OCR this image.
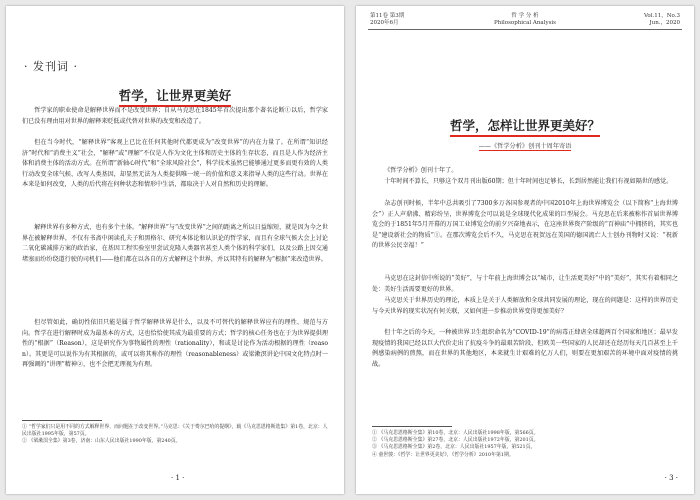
· 发刊词 ·
哲学，让世界更美好

哲学家的职业使命是解释世界而不是改变世界；自从马克思在1845年首次提出那个著名论断①以后，哲学家们已没有理由用对世界的解释来贬低或代替对世界的改变和改造了。

但在当今时代，“解释世界”客观上已比在任何其他时代都更成为“改变世界”的内在力量了。在所谓“知识经济”时代和“消费主义”社会，“解释”或“理解”不仅是人作为文化主体和历史主体的生存状态，而且是人作为经济主体和消费主体的活动方式。在所谓“新轴心时代”和“全球风险社会”，科学技术虽然已能够通过更多而更有效的人类行动改变全球气候、改写人类基因，却显然无法为人类提供唯一统一的价值和意义来指导人类的这些行动。世界在本来是如何改变，人类的后代将在何种状态和情形中生活，都取决于人对自然和历史的理解。

解释世界有多种方式，也有多个主体。“解释世界”与“改变世界”之间的距离之所以日益缩短，就是因为今之世界在被解释世界，不仅有书斋中闲读孔夫子和黑格尔、研究本体论和认识论的哲学家，而且有全球气候大会上讨论二氧化碳减排方案的政治家，在基因工程实验室里尝试克隆人类器官甚至人类个体的科学家们，以及公路上因交通堵塞而纷纷绕道行驶的司机们——他们都在以各自的方式解释这个世界，并以其特有的解释为“根据”来改造世界。

但尽管如此，确切性依旧只能是属于哲学解释世界是什么，以及不可替代的解释世界应有的理性、规范与方向。哲学在进行解释时成为最基本的方式，这也恰恰使其成为最重要的方式；哲学的核心任务也在于为世界提供理性的“根据”（Reason），这是研究作为事物属性的理性（rationality），和或是讨论作为活动根据的理性（reason）。其更是可以说作为有其根据的，或可以将其称作的理性（reasonableness）或梁漱溟讲论中国文化特点时一再强调的“讲理”精神②，也不会把无理视为有理。

① “哲学家们只是用不同的方式解释世界，而问题在于改变世界。”马克思：《关于费尔巴哈的提纲》，载《马克思恩格斯选集》第1卷，北京：人民出版社1995年版，第57页。
② 《梁漱溟全集》第3卷，济南：山东人民出版社1990年版，第240页。
· 1 ·
第11卷 第3期
2020年6月
哲 学 分 析
Philosophical Analysis
Vol.11，No.3
Jun.，2020
哲学，怎样让世界更美好？
——《哲学分析》创刊十周年寄语

《哲学分析》创刊十年了。

十年时间不算长，只够这个双月刊出版60期；但十年时间也足够长，长到居然能让我们有视如隔世的感觉。

杂志创刊时候，半年中总共吸引了7300多万各国参观者的中国2010年上海世界博览会（以下简称“上海世博会”）正人声鼎沸、精彩纷呈，世界博览会可以说是全球现代化成果的巨型展会。马克思在后来被称作首届世界博览会的于1851年5月开幕的万国工业博览会的前夕兴奋地表示，在这座世界资产阶级的“百神庙”中拥挤的，其实也是“建设新社会的物质”①。在那次博览会后不久，马克思在祝贺远在美国的德国流亡人士创办刊物时又说：“祝新的世界公民幸福！”

马克思在这封信中所说的“美好”，与十年前上海世博会以“城市，让生活更美好”中的“美好”，其实有着相同之处：美好生活需要更好的世界。

马克思关于世界历史的理论，本质上是关于人类解放和全球共同发展的理论，现在的问题是：这样的世界历史与今天世界的现实状况有何关联，又如何进一步推动世界变得更加美好？

但十年之后的今天，一种被世界卫生组织命名为“COVID-19”的病毒正肆虐全球超两百个国家和地区；最早发现疫情的我国已经以巨大代价走出了抗疫斗争的最艰苦阶段，但欧美一些国家的人民却还在经历每天几百甚至上千例感染病例的煎熬，而在世界的其他地区，本来就生计艰难的亿万人们，则要在更加艰苦的环境中面对疫情的挑战。

① 《马克思恩格斯全集》第10卷，北京：人民出版社1998年版，第566页。
② 《马克思恩格斯全集》第27卷，北京：人民出版社1972年版，第201页。
③ 《马克思恩格斯全集》第2卷，北京：人民出版社1957年版，第521页。
④ 童世骏：《哲学：让世界更美好》，《哲学分析》2010年第1期。
· 3 ·
